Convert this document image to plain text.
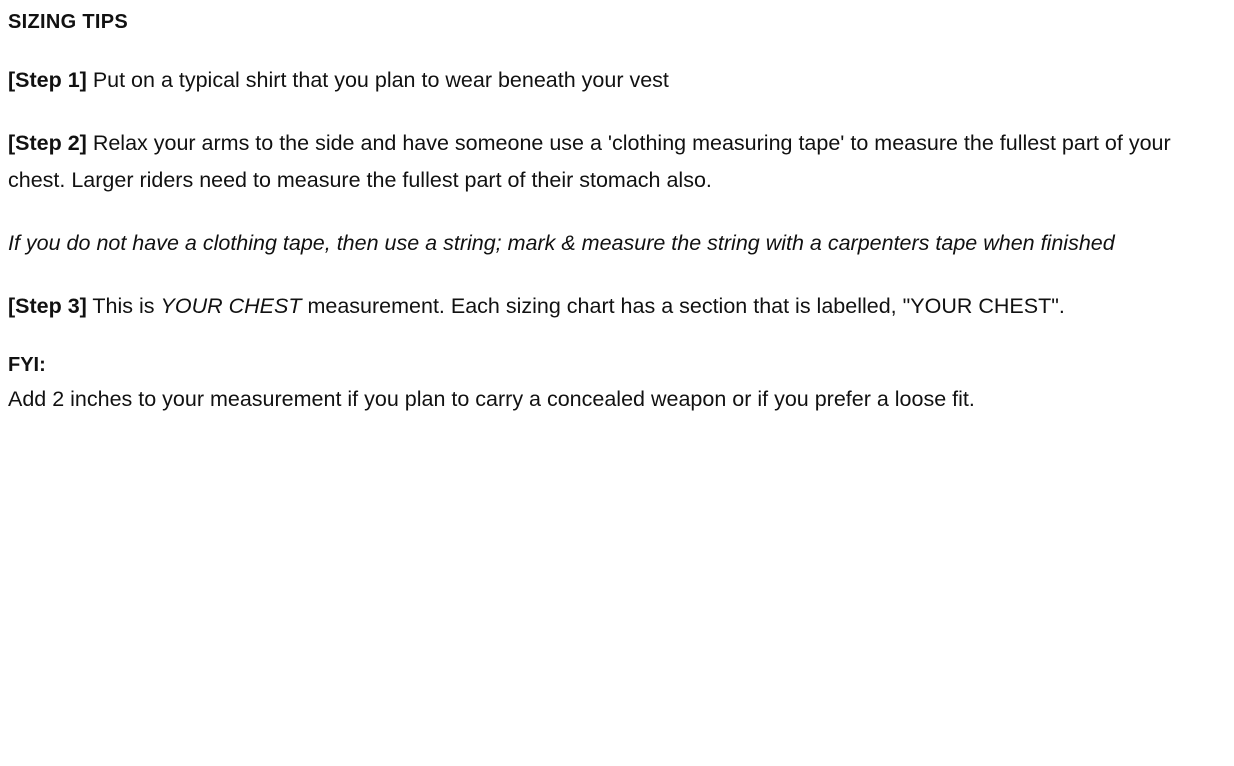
SIZING TIPS

[Step 1] Put on a typical shirt that you plan to wear beneath your vest

[Step 2] Relax your arms to the side and have someone use a 'clothing measuring tape' to measure the fullest part of your chest. Larger riders need to measure the fullest part of their stomach also.

If you do not have a clothing tape, then use a string; mark & measure the string with a carpenters tape when finished

[Step 3] This is YOUR CHEST measurement. Each sizing chart has a section that is labelled, "YOUR CHEST".

FYI:

Add 2 inches to your measurement if you plan to carry a concealed weapon or if you prefer a loose fit.
